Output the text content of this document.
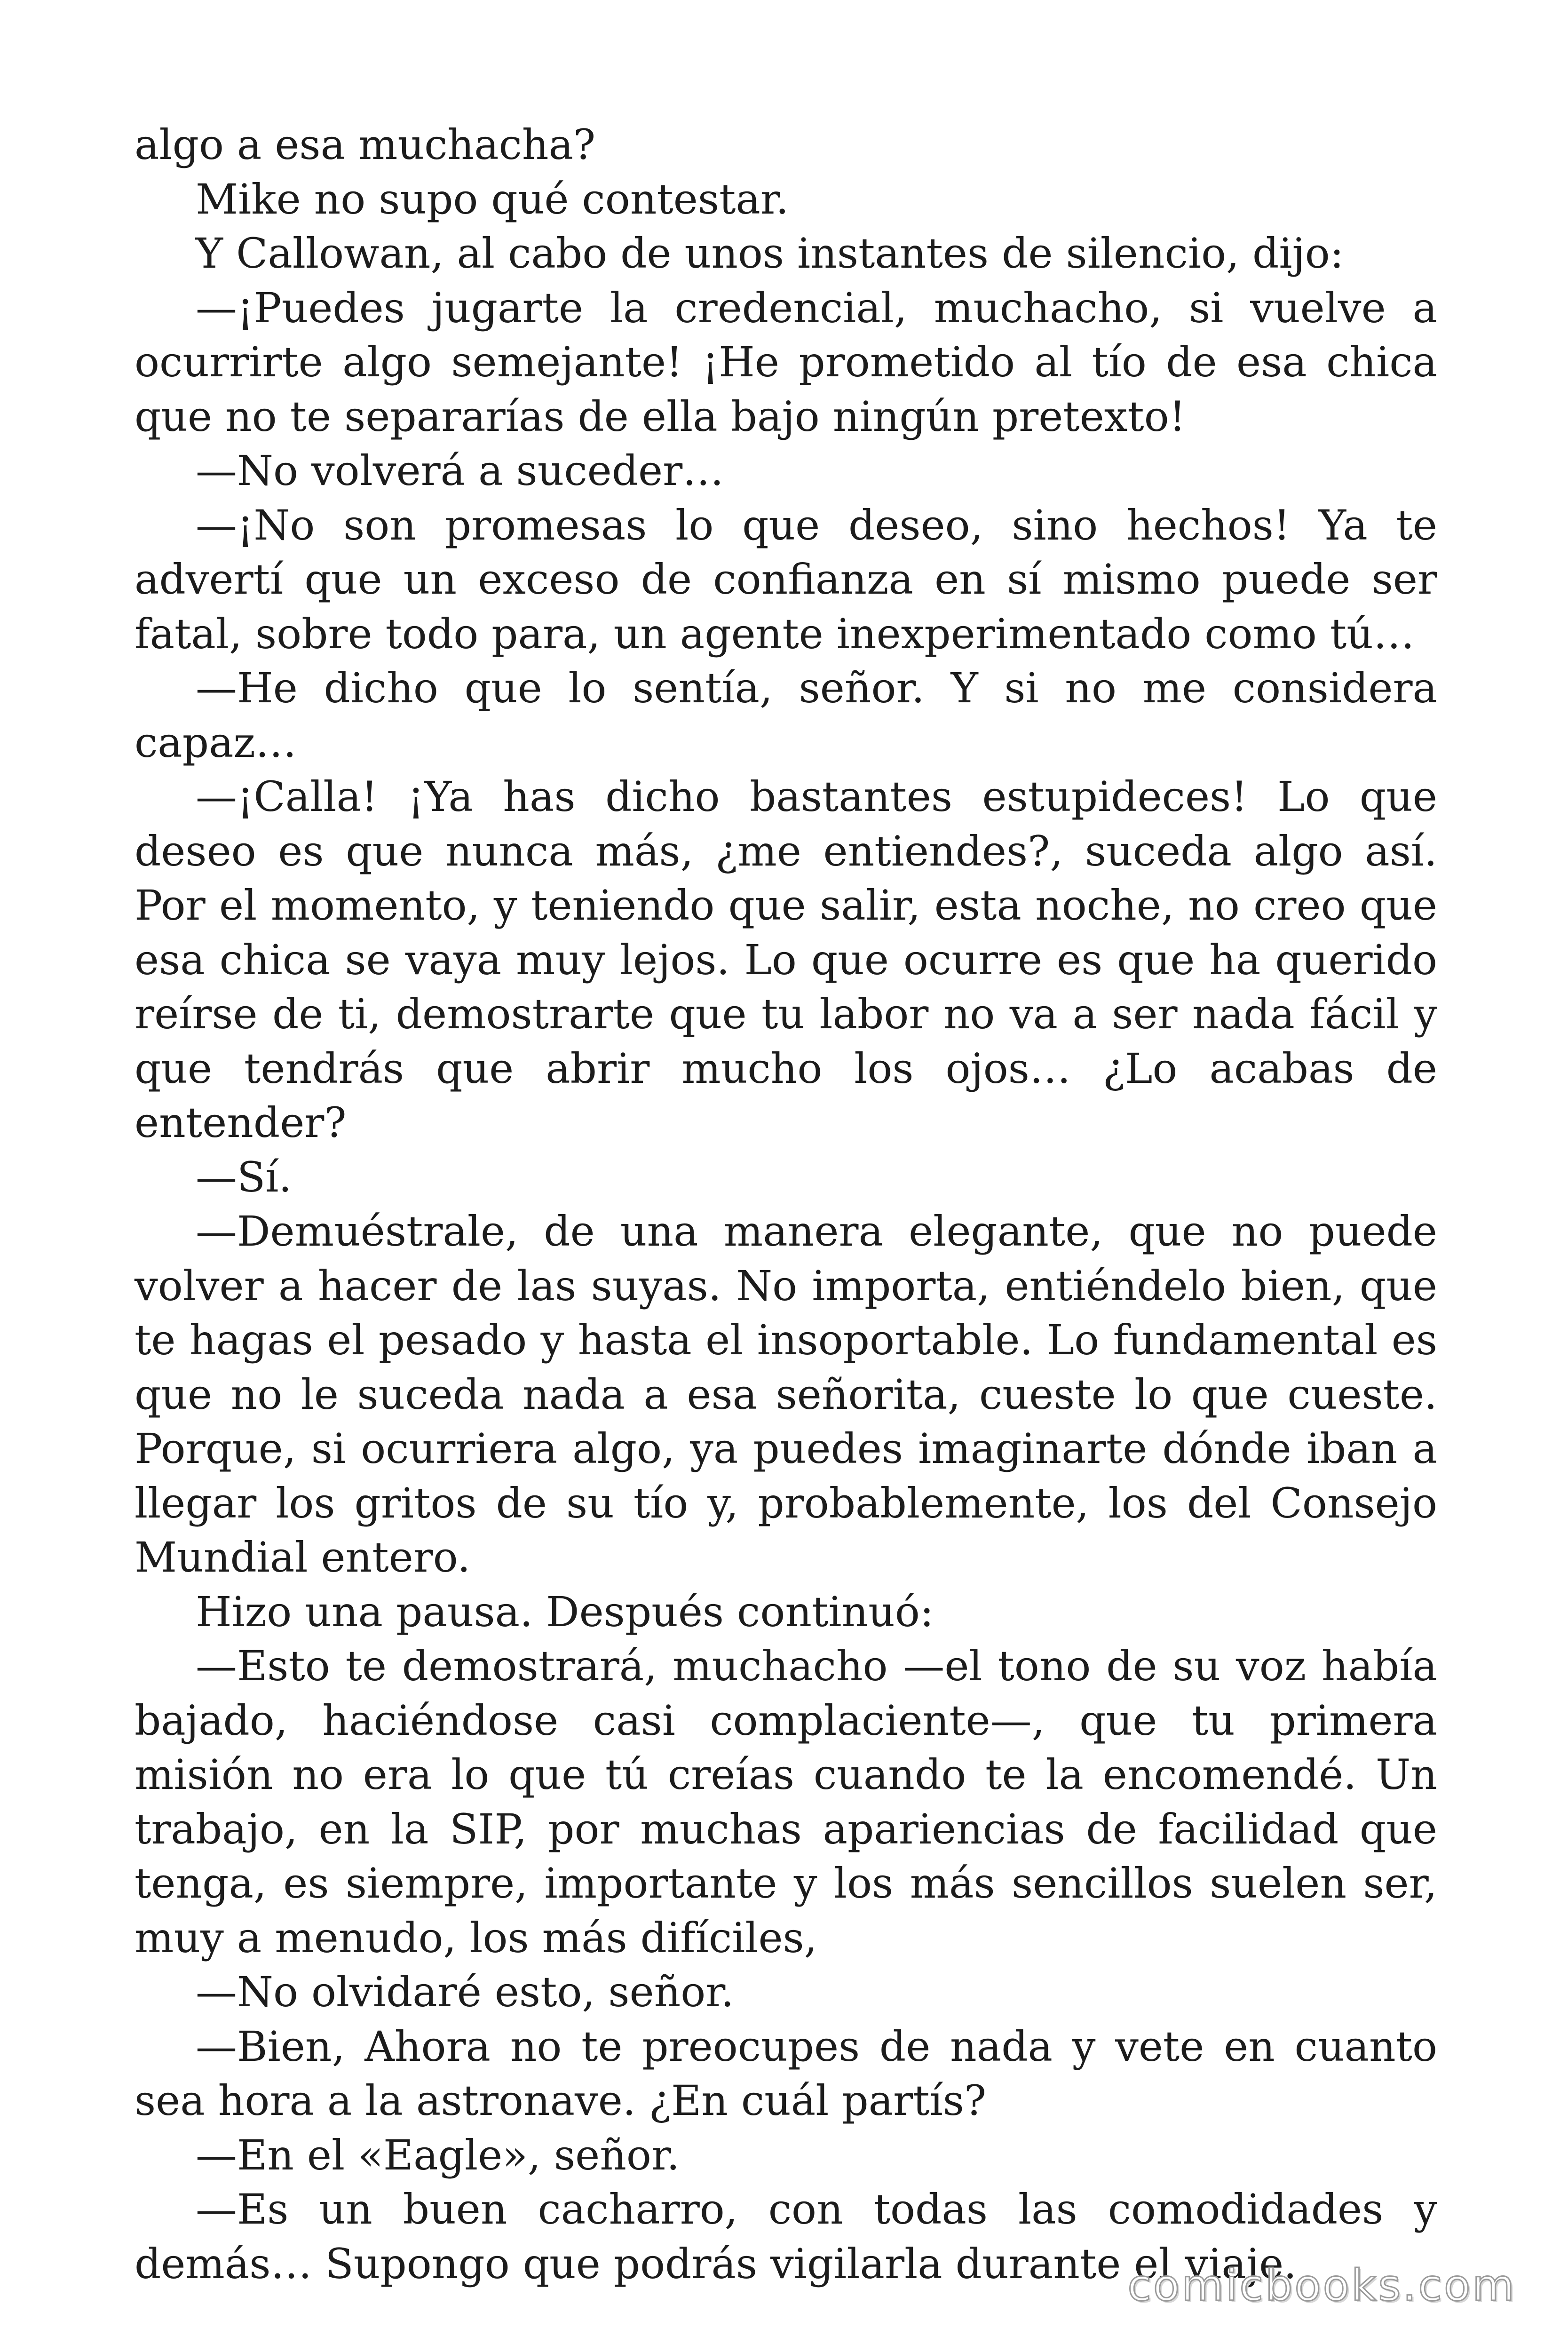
algo a esa muchacha?

Mike no supo qué contestar.

Y Callowan, al cabo de unos instantes de silencio, dijo:

—¡Puedes jugarte la credencial, muchacho, si vuelve a ocurrirte algo semejante! ¡He prometido al tío de esa chica que no te separarías de ella bajo ningún pretexto!

—No volverá a suceder…

—¡No son promesas lo que deseo, sino hechos! Ya te advertí que un exceso de confianza en sí mismo puede ser fatal, sobre todo para, un agente inexperimentado como tú…

—He dicho que lo sentía, señor. Y si no me considera capaz…

—¡Calla! ¡Ya has dicho bastantes estupideces! Lo que deseo es que nunca más, ¿me entiendes?, suceda algo así. Por el momento, y teniendo que salir, esta noche, no creo que esa chica se vaya muy lejos. Lo que ocurre es que ha querido reírse de ti, demostrarte que tu labor no va a ser nada fácil y que tendrás que abrir mucho los ojos… ¿Lo acabas de entender?

—Sí.

—Demuéstrale, de una manera elegante, que no puede volver a hacer de las suyas. No importa, entiéndelo bien, que te hagas el pesado y hasta el insoportable. Lo fundamental es que no le suceda nada a esa señorita, cueste lo que cueste. Porque, si ocurriera algo, ya puedes imaginarte dónde iban a llegar los gritos de su tío y, probablemente, los del Consejo Mundial entero.

Hizo una pausa. Después continuó:

—Esto te demostrará, muchacho —el tono de su voz había bajado, haciéndose casi complaciente—, que tu primera misión no era lo que tú creías cuando te la encomendé. Un trabajo, en la SIP, por muchas apariencias de facilidad que tenga, es siempre, importante y los más sencillos suelen ser, muy a menudo, los más difíciles,

—No olvidaré esto, señor.

—Bien, Ahora no te preocupes de nada y vete en cuanto sea hora a la astronave. ¿En cuál partís?

—En el «Eagle», señor.

—Es un buen cacharro, con todas las comodidades y demás… Supongo que podrás vigilarla durante el viaje.

comicbooks.com
